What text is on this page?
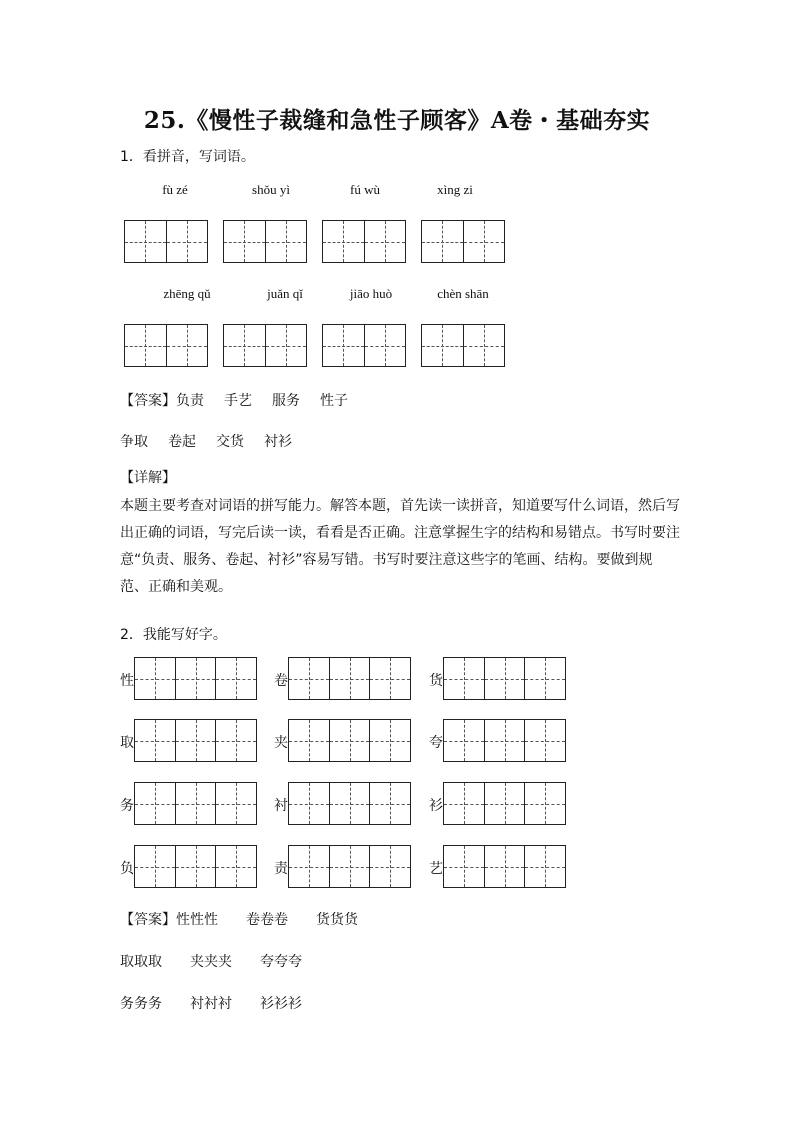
25.《慢性子裁缝和急性子顾客》A卷・基础夯实
1．看拼音，写词语。
fù zé	shǒu yì	fú wù	xìng zi
zhēng qǔ	juǎn qǐ	jiāo huò	chèn shān
【答案】负责 手艺 服务 性子
争取 卷起 交货 衬衫
【详解】
本题主要考查对词语的拼写能力。解答本题，首先读一读拼音，知道要写什么词语，然后写出正确的词语，写完后读一读，看看是否正确。注意掌握生字的结构和易错点。书写时要注意“负责、服务、卷起、衬衫”容易写错。书写时要注意这些字的笔画、结构。要做到规范、正确和美观。
2．我能写好字。
性	卷	货
取	夹	夸
务	衬	衫
负	责	艺
【答案】性性性 卷卷卷 货货货
取取取 夹夹夹 夸夸夸
务务务 衬衬衬 衫衫衫
